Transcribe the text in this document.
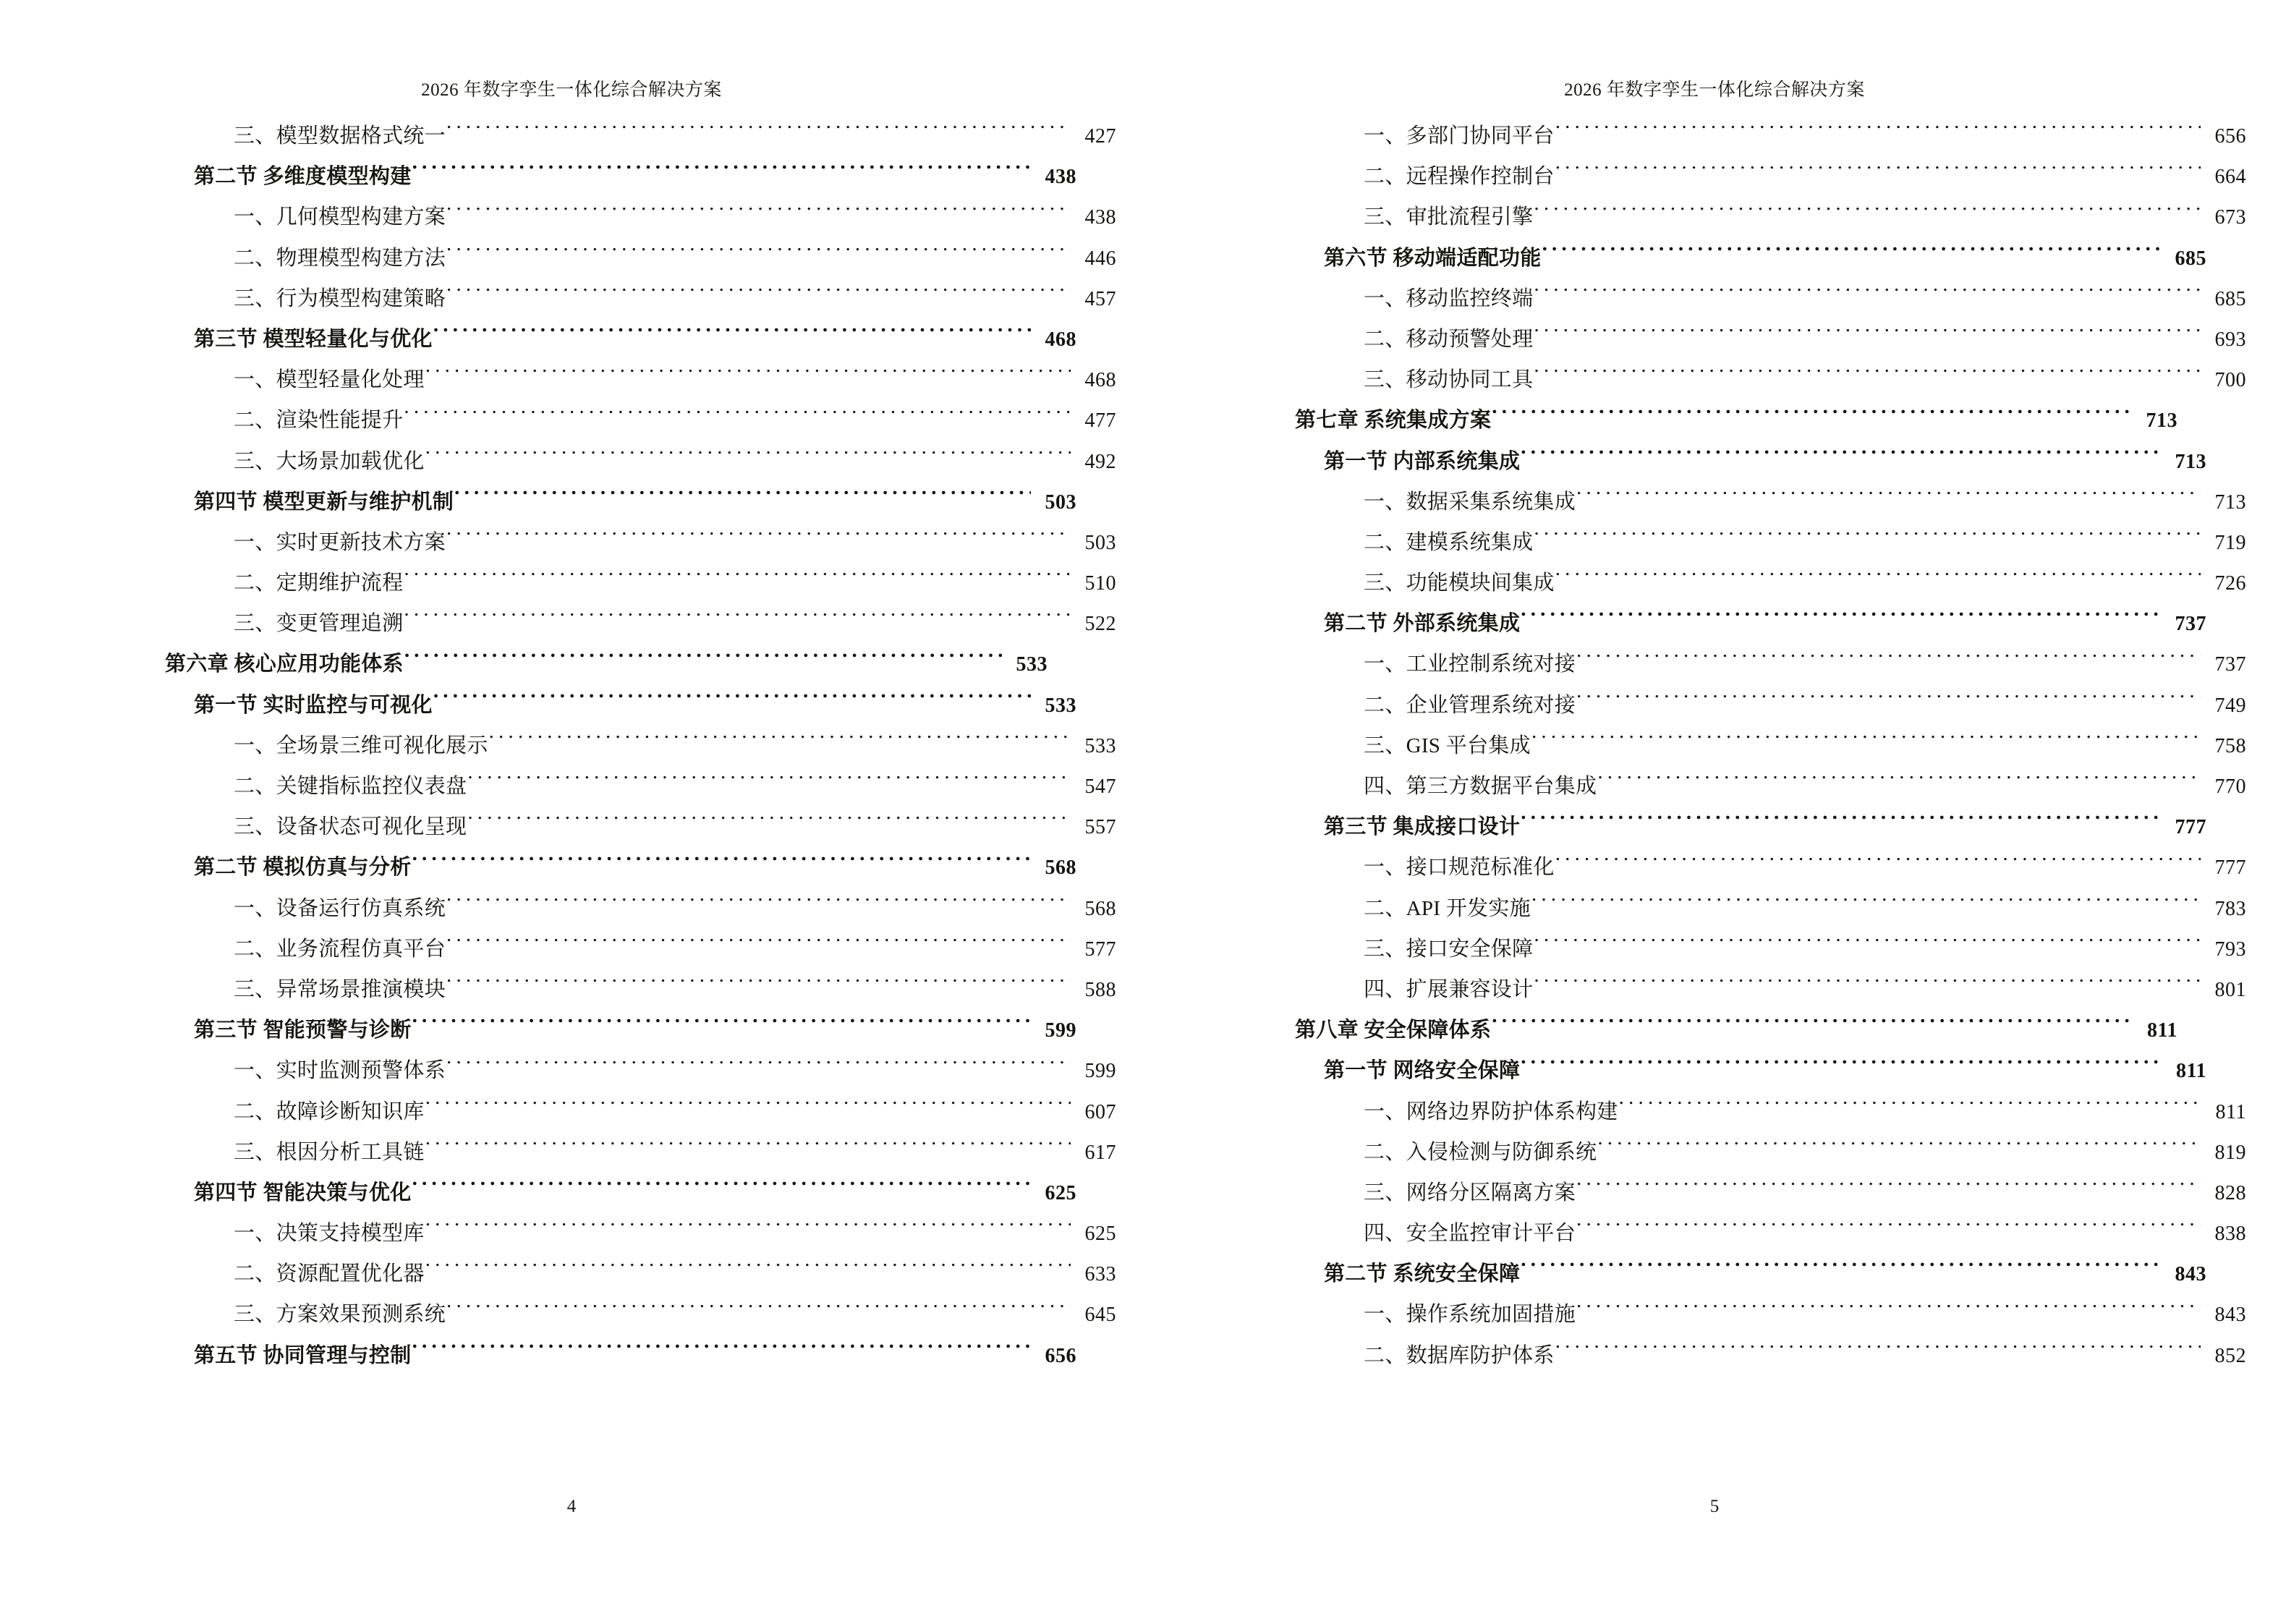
2026 年数字孪生一体化综合解决方案
三、模型数据格式统一 .....	427
第二节 多维度模型构建 .....	438
一、几何模型构建方案 .....	438
二、物理模型构建方法 .....	446
三、行为模型构建策略 .....	457
第三节 模型轻量化与优化 .....	468
一、模型轻量化处理 .....	468
二、渲染性能提升 .....	477
三、大场景加载优化 .....	492
第四节 模型更新与维护机制 .....	503
一、实时更新技术方案 .....	503
二、定期维护流程 .....	510
三、变更管理追溯 .....	522
第六章 核心应用功能体系 .....	533
第一节 实时监控与可视化 .....	533
一、全场景三维可视化展示 .....	533
二、关键指标监控仪表盘 .....	547
三、设备状态可视化呈现 .....	557
第二节 模拟仿真与分析 .....	568
一、设备运行仿真系统 .....	568
二、业务流程仿真平台 .....	577
三、异常场景推演模块 .....	588
第三节 智能预警与诊断 .....	599
一、实时监测预警体系 .....	599
二、故障诊断知识库 .....	607
三、根因分析工具链 .....	617
第四节 智能决策与优化 .....	625
一、决策支持模型库 .....	625
二、资源配置优化器 .....	633
三、方案效果预测系统 .....	645
第五节 协同管理与控制 .....	656
4
2026 年数字孪生一体化综合解决方案
一、多部门协同平台 .....	656
二、远程操作控制台 .....	664
三、审批流程引擎 .....	673
第六节 移动端适配功能 .....	685
一、移动监控终端 .....	685
二、移动预警处理 .....	693
三、移动协同工具 .....	700
第七章 系统集成方案 .....	713
第一节 内部系统集成 .....	713
一、数据采集系统集成 .....	713
二、建模系统集成 .....	719
三、功能模块间集成 .....	726
第二节 外部系统集成 .....	737
一、工业控制系统对接 .....	737
二、企业管理系统对接 .....	749
三、GIS 平台集成 .....	758
四、第三方数据平台集成 .....	770
第三节 集成接口设计 .....	777
一、接口规范标准化 .....	777
二、API 开发实施 .....	783
三、接口安全保障 .....	793
四、扩展兼容设计 .....	801
第八章 安全保障体系 .....	811
第一节 网络安全保障 .....	811
一、网络边界防护体系构建 .....	811
二、入侵检测与防御系统 .....	819
三、网络分区隔离方案 .....	828
四、安全监控审计平台 .....	838
第二节 系统安全保障 .....	843
一、操作系统加固措施 .....	843
二、数据库防护体系 .....	852
5
